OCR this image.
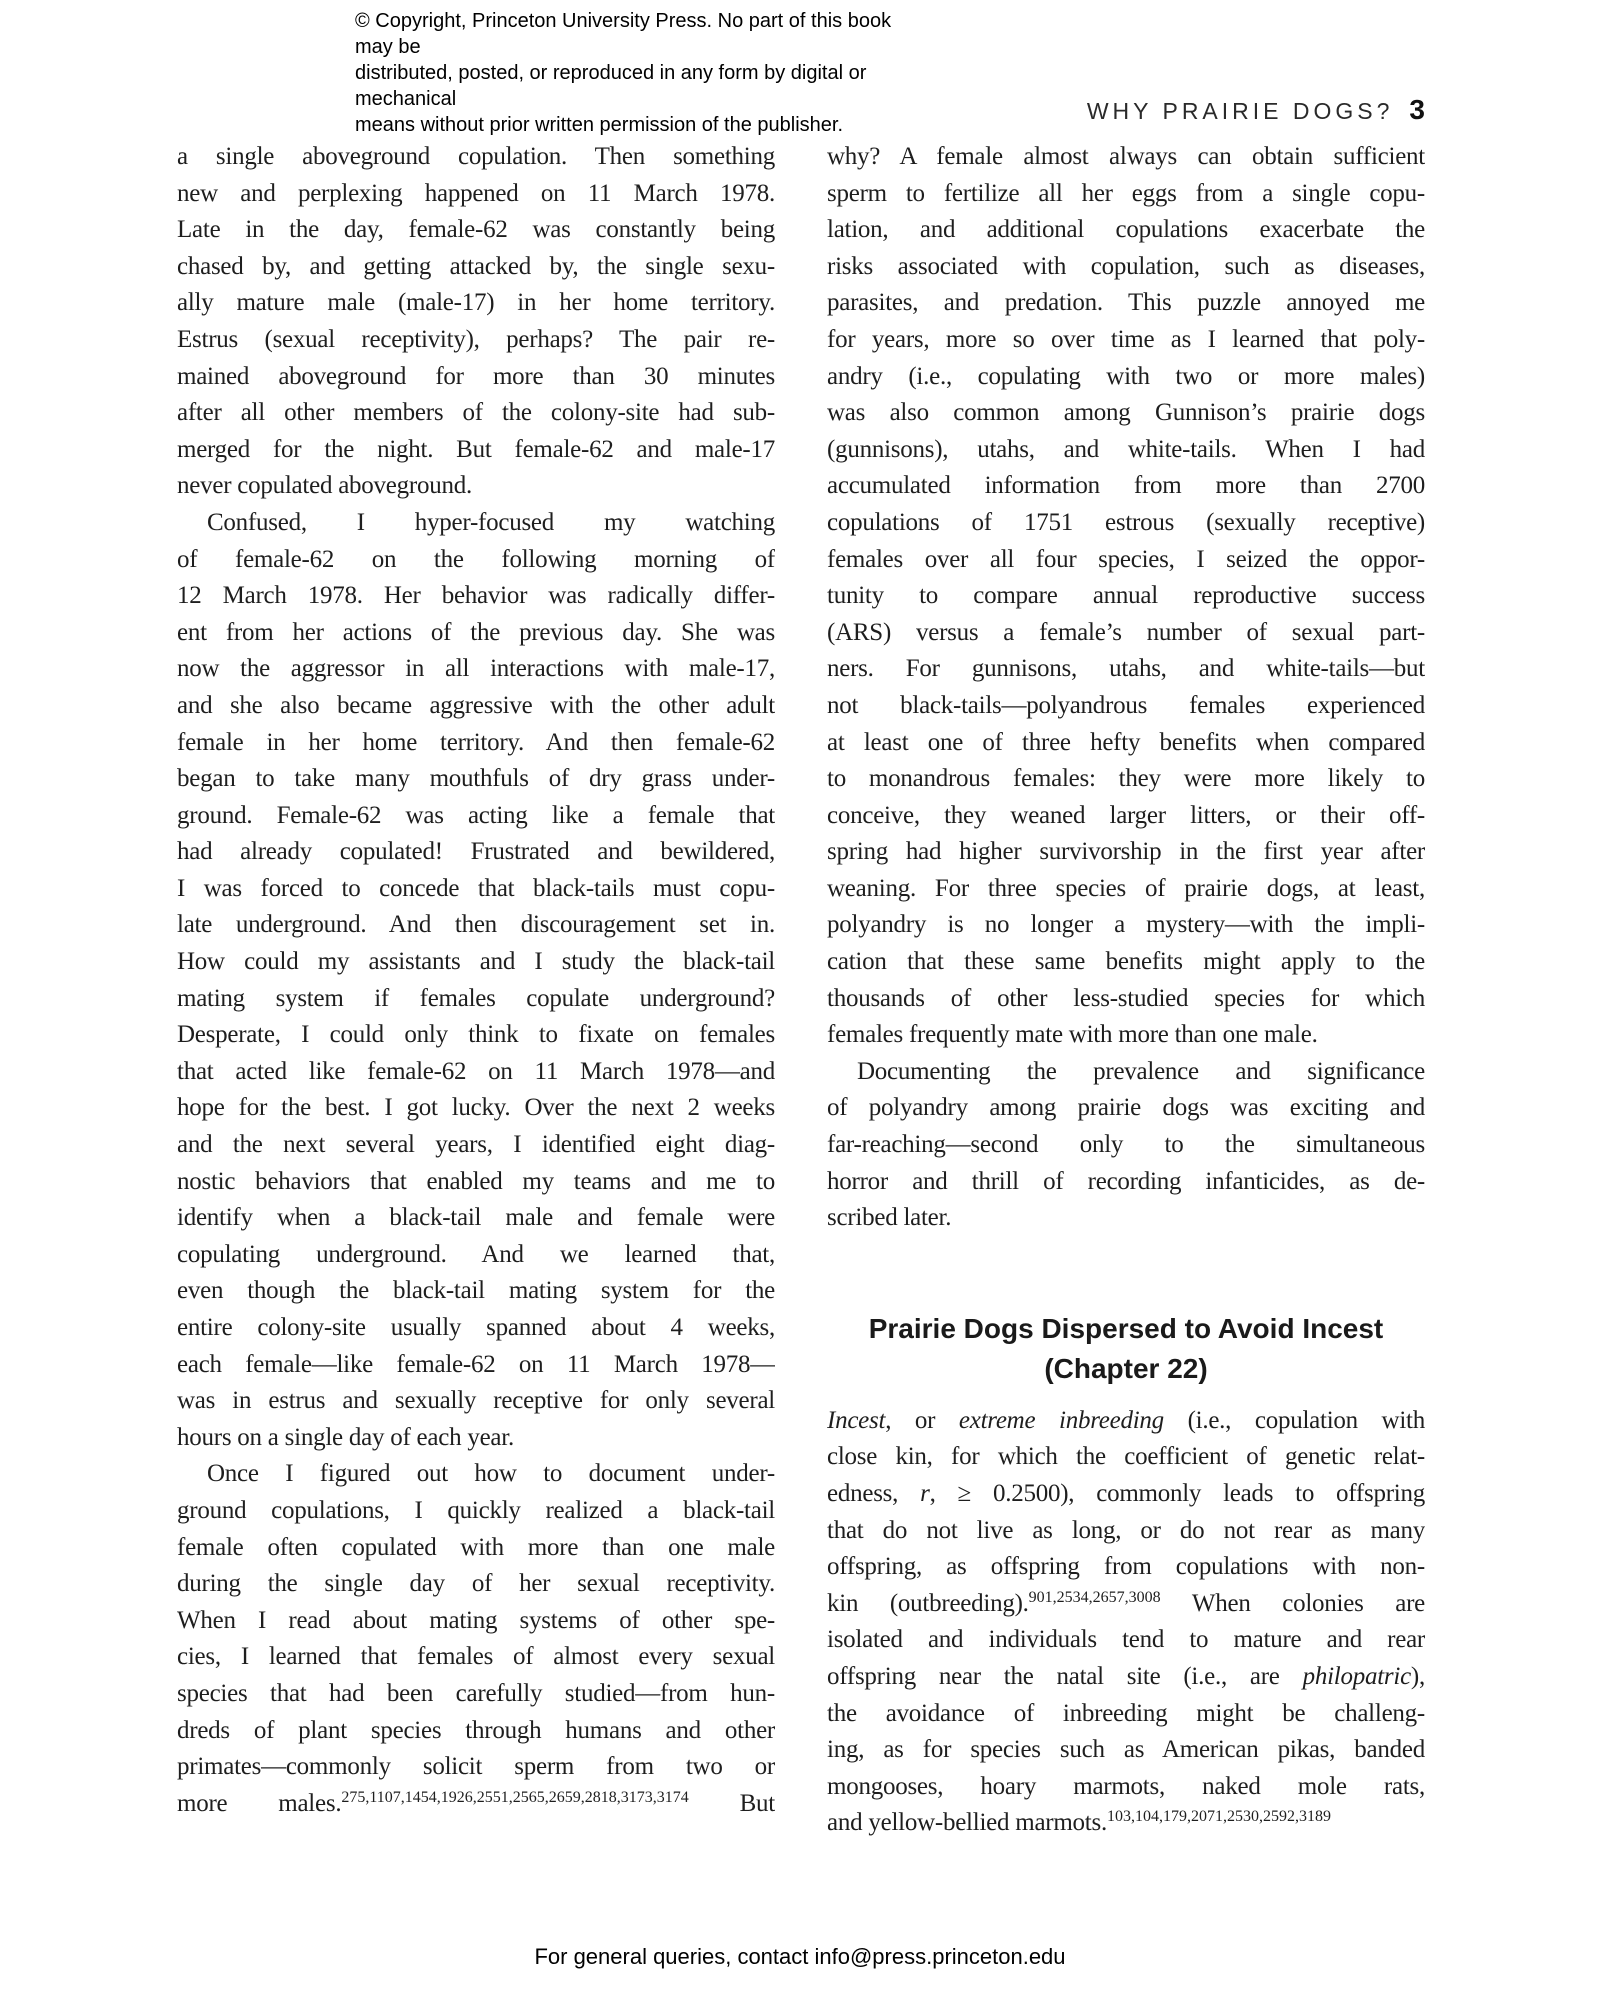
© Copyright, Princeton University Press. No part of this book may be
distributed, posted, or reproduced in any form by digital or mechanical
means without prior written permission of the publisher.
WHY PRAIRIE DOGS? 3
a single aboveground copulation. Then something
new and perplexing happened on 11 March 1978.
Late in the day, female-62 was constantly being
chased by, and getting attacked by, the single sexu-
ally mature male (male-17) in her home territory.
Estrus (sexual receptivity), perhaps? The pair re-
mained aboveground for more than 30 minutes
after all other members of the colony-site had sub-
merged for the night. But female-62 and male-17
never copulated aboveground.
Confused, I hyper-focused my watching
of female-62 on the following morning of
12 March 1978. Her behavior was radically differ-
ent from her actions of the previous day. She was
now the aggressor in all interactions with male-17,
and she also became aggressive with the other adult
female in her home territory. And then female-62
began to take many mouthfuls of dry grass under-
ground. Female-62 was acting like a female that
had already copulated! Frustrated and bewildered,
I was forced to concede that black-tails must copu-
late underground. And then discouragement set in.
How could my assistants and I study the black-tail
mating system if females copulate underground?
Desperate, I could only think to fixate on females
that acted like female-62 on 11 March 1978—and
hope for the best. I got lucky. Over the next 2 weeks
and the next several years, I identified eight diag-
nostic behaviors that enabled my teams and me to
identify when a black-tail male and female were
copulating underground. And we learned that,
even though the black-tail mating system for the
entire colony-site usually spanned about 4 weeks,
each female—like female-62 on 11 March 1978—
was in estrus and sexually receptive for only several
hours on a single day of each year.
Once I figured out how to document under-
ground copulations, I quickly realized a black-tail
female often copulated with more than one male
during the single day of her sexual receptivity.
When I read about mating systems of other spe-
cies, I learned that females of almost every sexual
species that had been carefully studied—from hun-
dreds of plant species through humans and other
primates—commonly solicit sperm from two or
more males.$^{275,1107,1454,1926,2551,2565,2659,2818,3173,3174}$ But
why? A female almost always can obtain sufficient
sperm to fertilize all her eggs from a single copu-
lation, and additional copulations exacerbate the
risks associated with copulation, such as diseases,
parasites, and predation. This puzzle annoyed me
for years, more so over time as I learned that poly-
andry (i.e., copulating with two or more males)
was also common among Gunnison’s prairie dogs
(gunnisons), utahs, and white-tails. When I had
accumulated information from more than 2700
copulations of 1751 estrous (sexually receptive)
females over all four species, I seized the oppor-
tunity to compare annual reproductive success
(ARS) versus a female’s number of sexual part-
ners. For gunnisons, utahs, and white-tails—but
not black-tails—polyandrous females experienced
at least one of three hefty benefits when compared
to monandrous females: they were more likely to
conceive, they weaned larger litters, or their off-
spring had higher survivorship in the first year after
weaning. For three species of prairie dogs, at least,
polyandry is no longer a mystery—with the impli-
cation that these same benefits might apply to the
thousands of other less-studied species for which
females frequently mate with more than one male.
Documenting the prevalence and significance
of polyandry among prairie dogs was exciting and
far-reaching—second only to the simultaneous
horror and thrill of recording infanticides, as de-
scribed later.
Prairie Dogs Dispersed to Avoid Incest
(Chapter 22)
Incest, or extreme inbreeding (i.e., copulation with
close kin, for which the coefficient of genetic relat-
edness, r, ≥ 0.2500), commonly leads to offspring
that do not live as long, or do not rear as many
offspring, as offspring from copulations with non-
kin (outbreeding).$^{901,2534,2657,3008}$ When colonies are
isolated and individuals tend to mature and rear
offspring near the natal site (i.e., are philopatric),
the avoidance of inbreeding might be challeng-
ing, as for species such as American pikas, banded
mongooses, hoary marmots, naked mole rats,
and yellow-bellied marmots.$^{103,104,179,2071,2530,2592,3189}$
For general queries, contact info@press.princeton.edu
